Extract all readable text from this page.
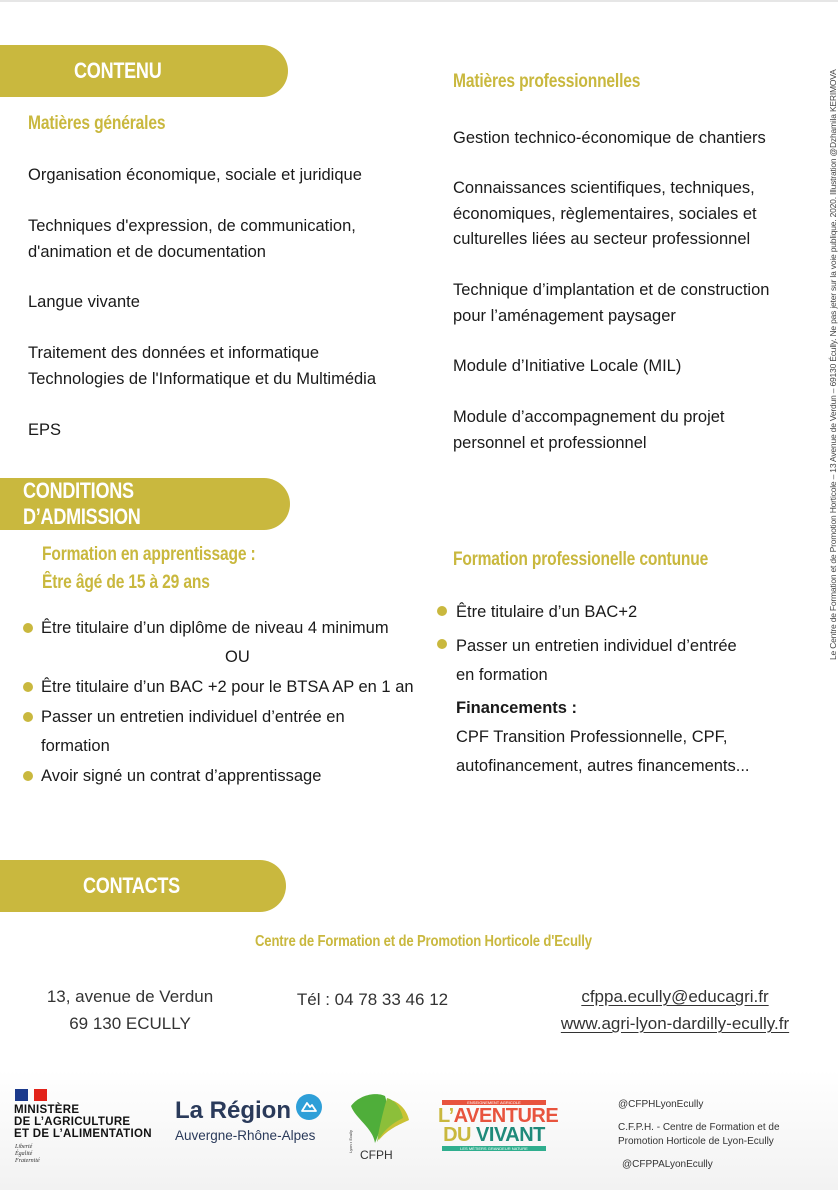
CONTENU
Matières générales
Organisation économique, sociale et juridique
Techniques d'expression, de communication,
d'animation et de documentation
Langue vivante
Traitement des données et informatique
Technologies de l'Informatique et du Multimédia
EPS
Matières professionnelles
Gestion technico-économique de chantiers
Connaissances scientifiques, techniques,
économiques, règlementaires, sociales et
culturelles liées au secteur professionnel
Technique d’implantation et de construction
pour l’aménagement paysager
Module d’Initiative Locale (MIL)
Module d’accompagnement du projet
personnel et professionnel
CONDITIONS D’ADMISSION
Formation en apprentissage :
Être âgé de 15 à 29 ans
Être titulaire d’un diplôme de niveau 4 minimum
OU
Être titulaire d’un BAC +2 pour le BTSA AP en 1 an
Passer un entretien individuel d’entrée en
formation
Avoir signé un contrat d’apprentissage
Formation professionelle contunue
Être titulaire d’un BAC+2
Passer un entretien individuel d’entrée
en formation
Financements :
CPF Transition Professionnelle, CPF,
autofinancement, autres financements...
CONTACTS
Centre de Formation et de Promotion Horticole d'Ecully
13, avenue de Verdun
69 130 ECULLY
Tél : 04 78 33 46 12	cfppa.ecully@educagri.fr
www.agri-lyon-dardilly-ecully.fr
Le Centre de Formation et de Promotion Horticole – 13 Avenue de Verdun – 69130 Écully. Ne pas jeter sur la voie publique. 2020. Illustration @Dzhamila KERIMOVA
MINISTÈRE
DE L’AGRICULTURE
ET DE L’ALIMENTATION
Liberté
Égalité
Fraternité
La Région
Auvergne-Rhône-Alpes	Lyon • Ecully
CFPH
ENSEIGNEMENT AGRICOLE
L’AVENTURE
DU VIVANT
LES MÉTIERS GRANDEUR NATURE
@CFPHLyonEcully
C.F.P.H. - Centre de Formation et de
Promotion Horticole de Lyon-Ecully
@CFPPALyonEcully
